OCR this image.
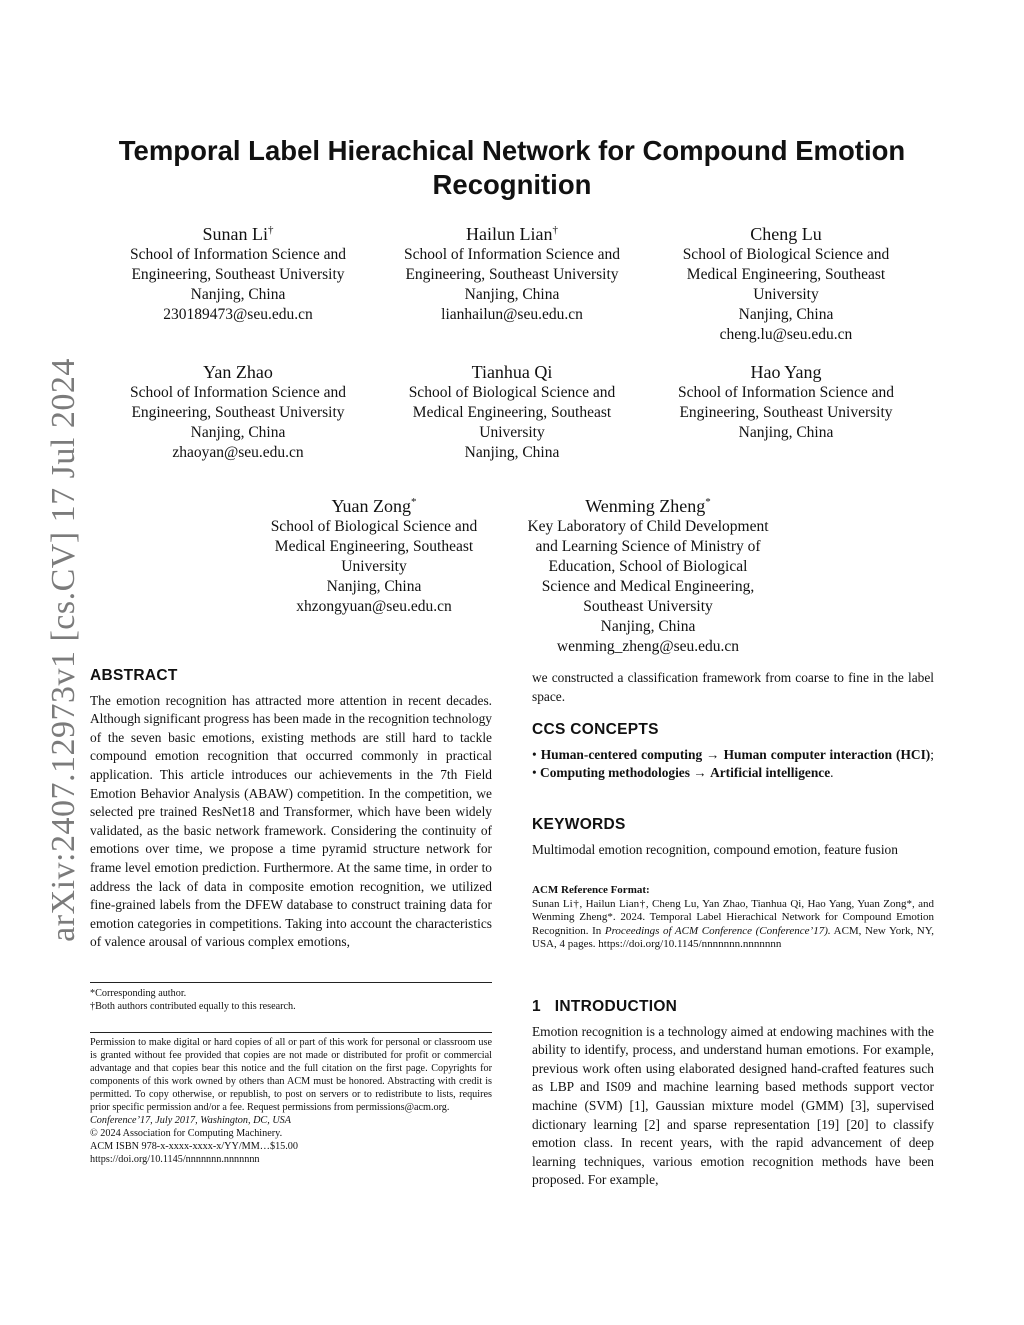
arXiv:2407.12973v1 [cs.CV] 17 Jul 2024
Temporal Label Hierachical Network for Compound Emotion Recognition
Sunan Li†
School of Information Science and
Engineering, Southeast University
Nanjing, China
230189473@seu.edu.cn
Hailun Lian†
School of Information Science and
Engineering, Southeast University
Nanjing, China
lianhailun@seu.edu.cn
Cheng Lu
School of Biological Science and
Medical Engineering, Southeast
University
Nanjing, China
cheng.lu@seu.edu.cn
Yan Zhao
School of Information Science and
Engineering, Southeast University
Nanjing, China
zhaoyan@seu.edu.cn
Tianhua Qi
School of Biological Science and
Medical Engineering, Southeast
University
Nanjing, China
Hao Yang
School of Information Science and
Engineering, Southeast University
Nanjing, China
Yuan Zong*
School of Biological Science and
Medical Engineering, Southeast
University
Nanjing, China
xhzongyuan@seu.edu.cn
Wenming Zheng*
Key Laboratory of Child Development
and Learning Science of Ministry of
Education, School of Biological
Science and Medical Engineering,
Southeast University
Nanjing, China
wenming_zheng@seu.edu.cn
ABSTRACT
The emotion recognition has attracted more attention in recent decades. Although significant progress has been made in the recognition technology of the seven basic emotions, existing methods are still hard to tackle compound emotion recognition that occurred commonly in practical application. This article introduces our achievements in the 7th Field Emotion Behavior Analysis (ABAW) competition. In the competition, we selected pre trained ResNet18 and Transformer, which have been widely validated, as the basic network framework. Considering the continuity of emotions over time, we propose a time pyramid structure network for frame level emotion prediction. Furthermore. At the same time, in order to address the lack of data in composite emotion recognition, we utilized fine-grained labels from the DFEW database to construct training data for emotion categories in competitions. Taking into account the characteristics of valence arousal of various complex emotions,
*Corresponding author.
†Both authors contributed equally to this research.
Permission to make digital or hard copies of all or part of this work for personal or classroom use is granted without fee provided that copies are not made or distributed for profit or commercial advantage and that copies bear this notice and the full citation on the first page. Copyrights for components of this work owned by others than ACM must be honored. Abstracting with credit is permitted. To copy otherwise, or republish, to post on servers or to redistribute to lists, requires prior specific permission and/or a fee. Request permissions from permissions@acm.org.
Conference’17, July 2017, Washington, DC, USA
© 2024 Association for Computing Machinery.
ACM ISBN 978-x-xxxx-xxxx-x/YY/MM…$15.00
https://doi.org/10.1145/nnnnnnn.nnnnnnn
we constructed a classification framework from coarse to fine in the label space.
CCS CONCEPTS
• Human-centered computing → Human computer interaction (HCI); • Computing methodologies → Artificial intelligence.
KEYWORDS
Multimodal emotion recognition, compound emotion, feature fusion
ACM Reference Format:
Sunan Li†, Hailun Lian†, Cheng Lu, Yan Zhao, Tianhua Qi, Hao Yang, Yuan Zong*, and Wenming Zheng*. 2024. Temporal Label Hierachical Network for Compound Emotion Recognition. In Proceedings of ACM Conference (Conference’17). ACM, New York, NY, USA, 4 pages. https://doi.org/10.1145/nnnnnnn.nnnnnnn
1   INTRODUCTION
Emotion recognition is a technology aimed at endowing machines with the ability to identify, process, and understand human emotions. For example, previous work often using elaborated designed hand-crafted features such as LBP and IS09 and machine learning based methods support vector machine (SVM) [1], Gaussian mixture model (GMM) [3], supervised dictionary learning [2] and sparse representation [19] [20] to classify emotion class. In recent years, with the rapid advancement of deep learning techniques, various emotion recognition methods have been proposed. For example,
